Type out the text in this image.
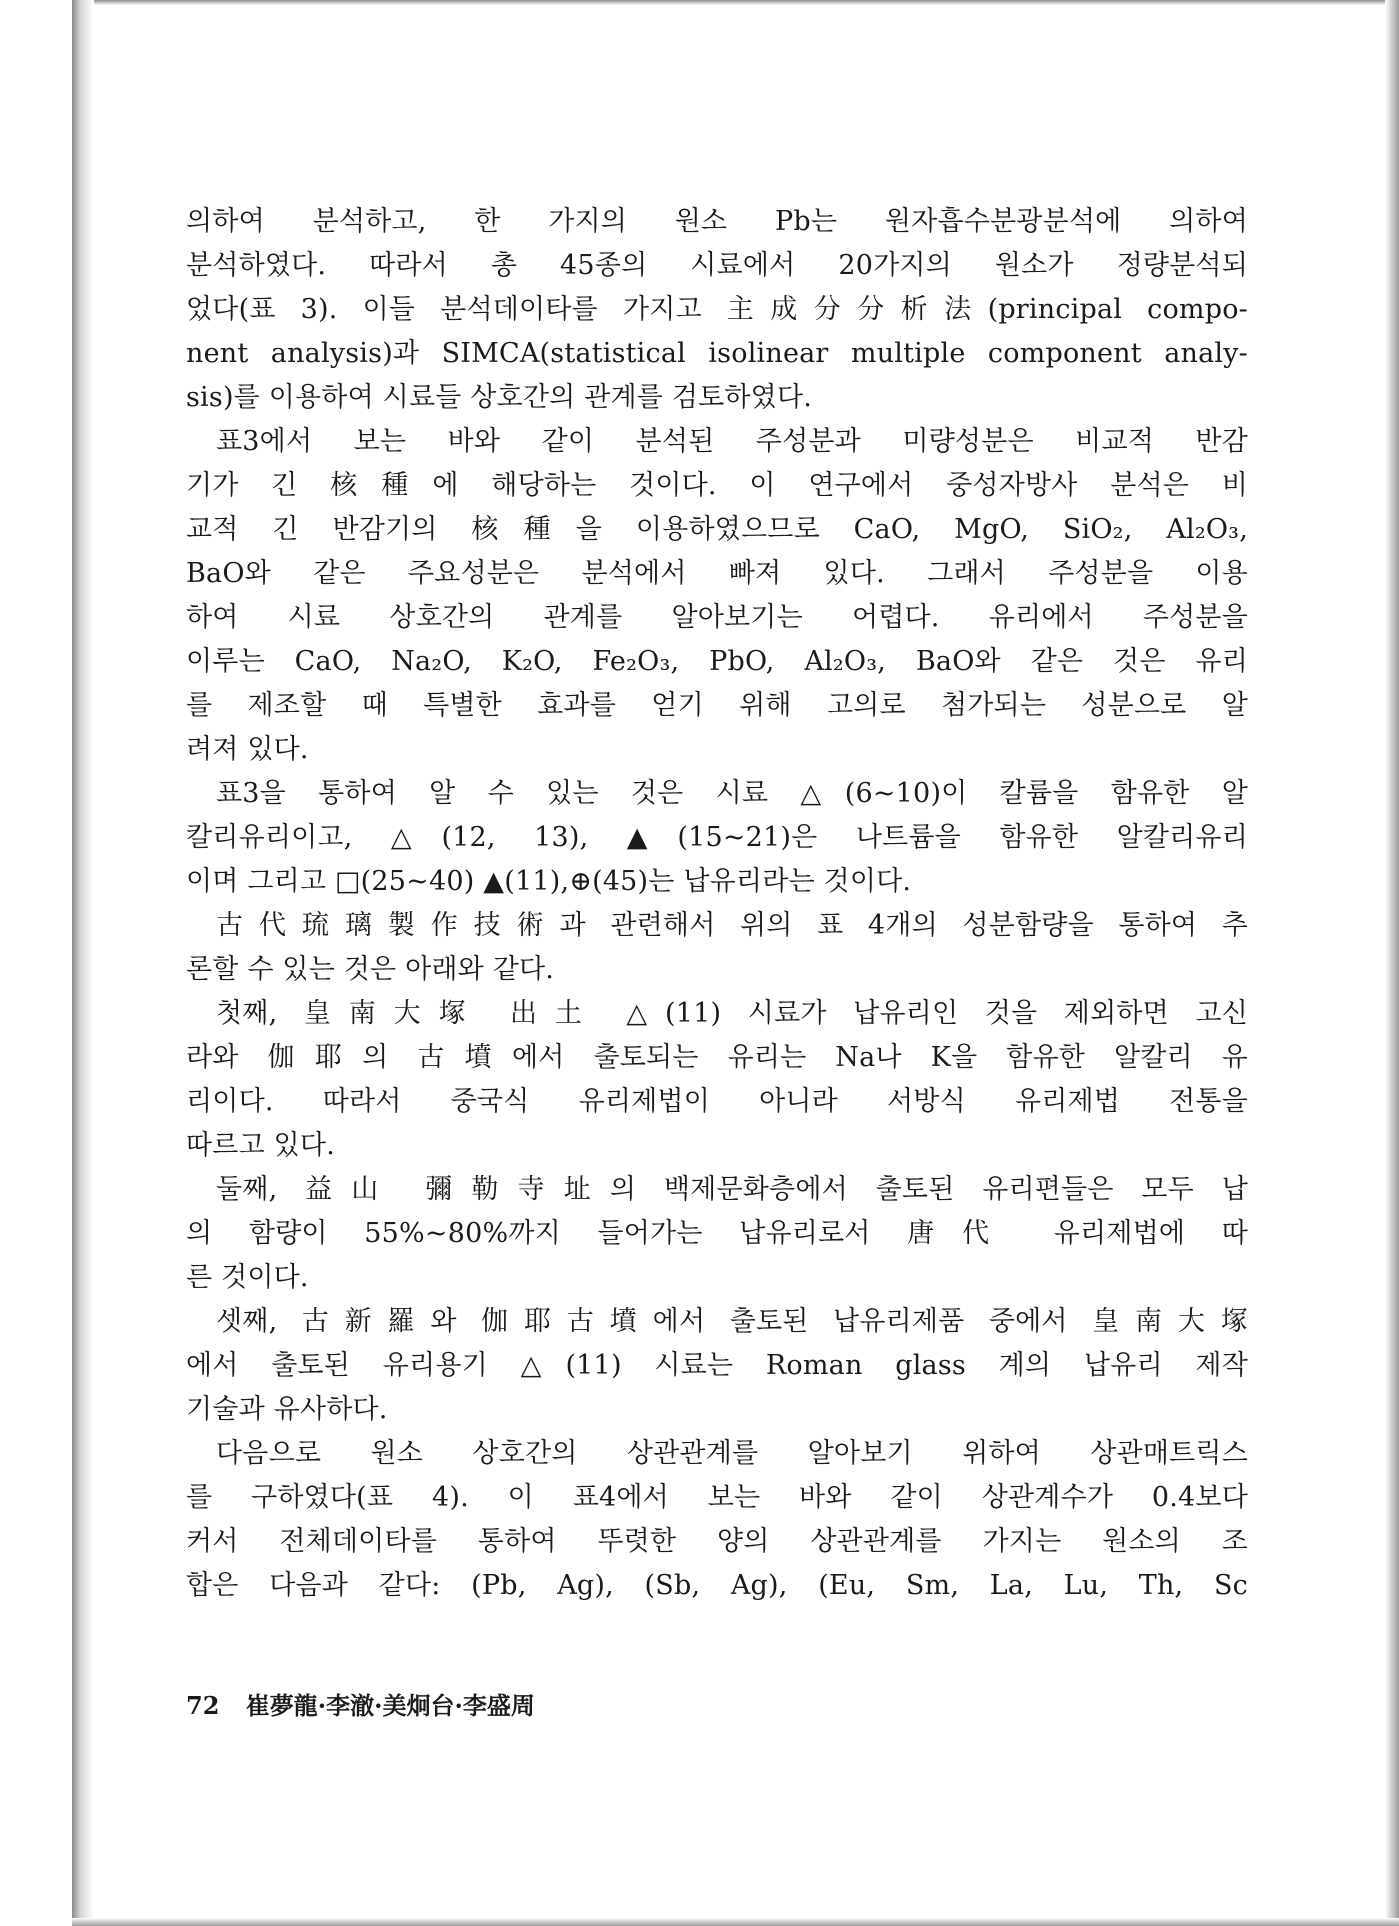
의하여 분석하고, 한 가지의 원소 Pb는 원자흡수분광분석에 의하여
분석하였다. 따라서 총 45종의 시료에서 20가지의 원소가 정량분석되
었다(표 3). 이들 분석데이타를 가지고 主成分分析法(principal compo-
nent analysis)과 SIMCA(statistical isolinear multiple component analy-
sis)를 이용하여 시료들 상호간의 관계를 검토하였다.
표3에서 보는 바와 같이 분석된 주성분과 미량성분은 비교적 반감
기가 긴 核種에 해당하는 것이다. 이 연구에서 중성자방사 분석은 비
교적 긴 반감기의 核種을 이용하였으므로 CaO, MgO, SiO₂, Al₂O₃,
BaO와 같은 주요성분은 분석에서 빠져 있다. 그래서 주성분을 이용
하여 시료 상호간의 관계를 알아보기는 어렵다. 유리에서 주성분을
이루는 CaO, Na₂O, K₂O, Fe₂O₃, PbO, Al₂O₃, BaO와 같은 것은 유리
를 제조할 때 특별한 효과를 얻기 위해 고의로 첨가되는 성분으로 알
려져 있다.
표3을 통하여 알 수 있는 것은 시료 △(6~10)이 칼륨을 함유한 알
칼리유리이고, △(12, 13), ▲(15~21)은 나트륨을 함유한 알칼리유리
이며 그리고 □(25~40) ▲(11),⊕(45)는 납유리라는 것이다.
古代琉璃製作技術과 관련해서 위의 표 4개의 성분함량을 통하여 추
론할 수 있는 것은 아래와 같다.
첫째, 皇南大塚 出土 △(11) 시료가 납유리인 것을 제외하면 고신
라와 伽耶의 古墳에서 출토되는 유리는 Na나 K을 함유한 알칼리 유
리이다. 따라서 중국식 유리제법이 아니라 서방식 유리제법 전통을
따르고 있다.
둘째, 益山 彌勒寺址의 백제문화층에서 출토된 유리편들은 모두 납
의 함량이 55%~80%까지 들어가는 납유리로서 唐代 유리제법에 따
른 것이다.
셋째, 古新羅와 伽耶古墳에서 출토된 납유리제품 중에서 皇南大塚
에서 출토된 유리용기 △(11) 시료는 Roman glass 계의 납유리 제작
기술과 유사하다.
다음으로 원소 상호간의 상관관계를 알아보기 위하여 상관매트릭스
를 구하였다(표 4). 이 표4에서 보는 바와 같이 상관계수가 0.4보다
커서 전체데이타를 통하여 뚜렷한 양의 상관관계를 가지는 원소의 조
합은 다음과 같다: (Pb, Ag), (Sb, Ag), (Eu, Sm, La, Lu, Th, Sc
72 崔夢龍·李澈·美炯台·李盛周
